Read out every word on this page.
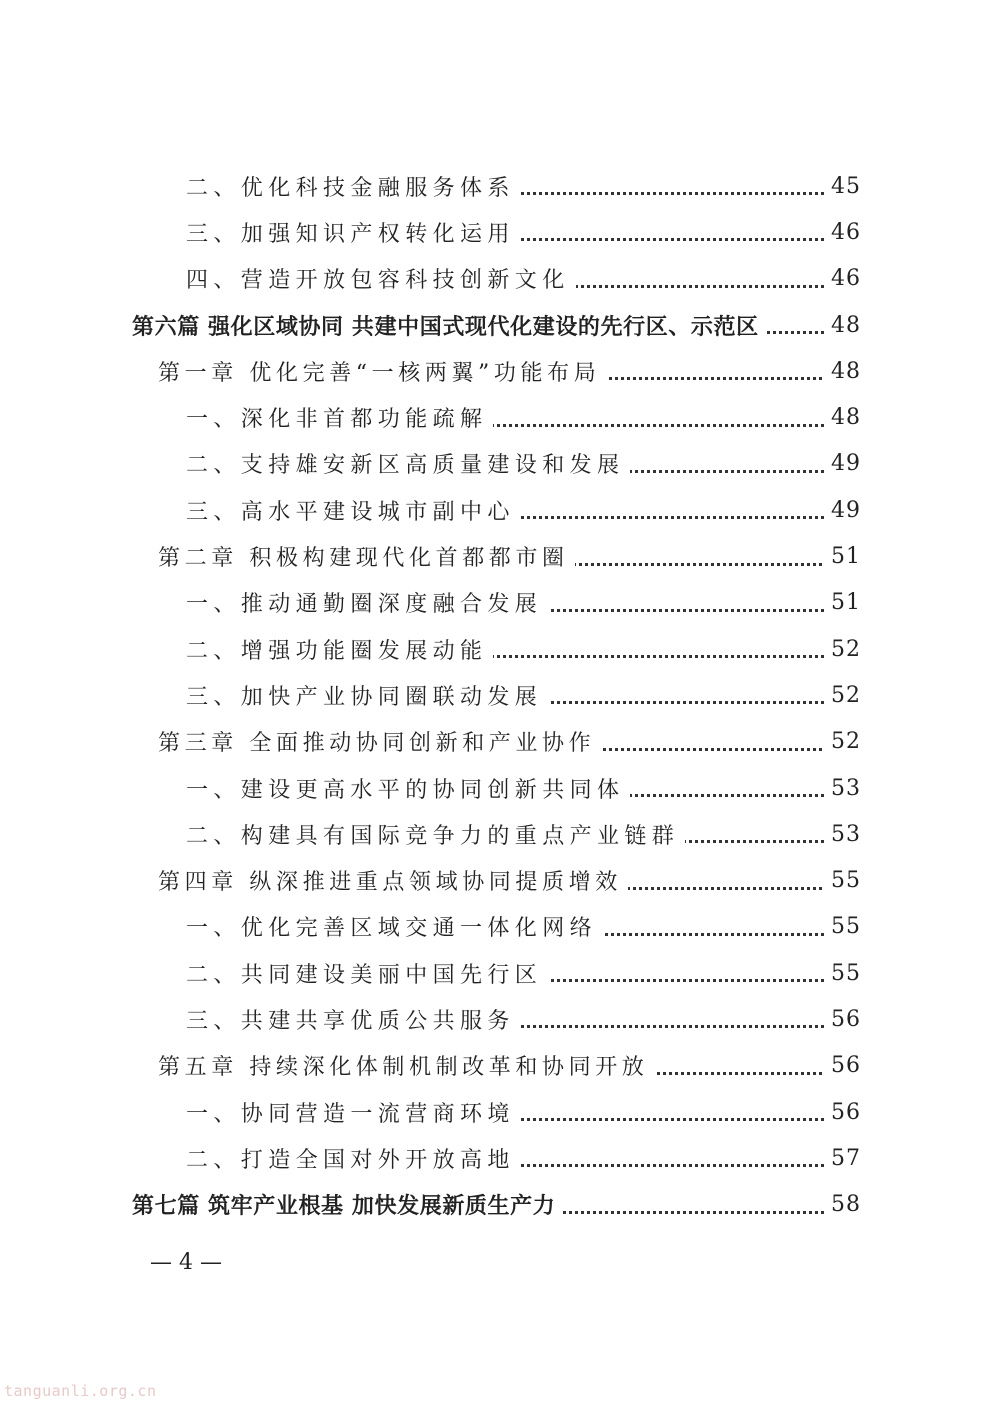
二、优化科技金融服务体系	45
三、加强知识产权转化运用	46
四、营造开放包容科技创新文化	46
第六篇 强化区域协同 共建中国式现代化建设的先行区、示范区	48
第一章 优化完善“一核两翼”功能布局	48
一、深化非首都功能疏解	48
二、支持雄安新区高质量建设和发展	49
三、高水平建设城市副中心	49
第二章 积极构建现代化首都都市圈	51
一、推动通勤圈深度融合发展	51
二、增强功能圈发展动能	52
三、加快产业协同圈联动发展	52
第三章 全面推动协同创新和产业协作	52
一、建设更高水平的协同创新共同体	53
二、构建具有国际竞争力的重点产业链群	53
第四章 纵深推进重点领域协同提质增效	55
一、优化完善区域交通一体化网络	55
二、共同建设美丽中国先行区	55
三、共建共享优质公共服务	56
第五章 持续深化体制机制改革和协同开放	56
一、协同营造一流营商环境	56
二、打造全国对外开放高地	57
第七篇 筑牢产业根基 加快发展新质生产力	58
— 4 —
tanguanli.org.cn
